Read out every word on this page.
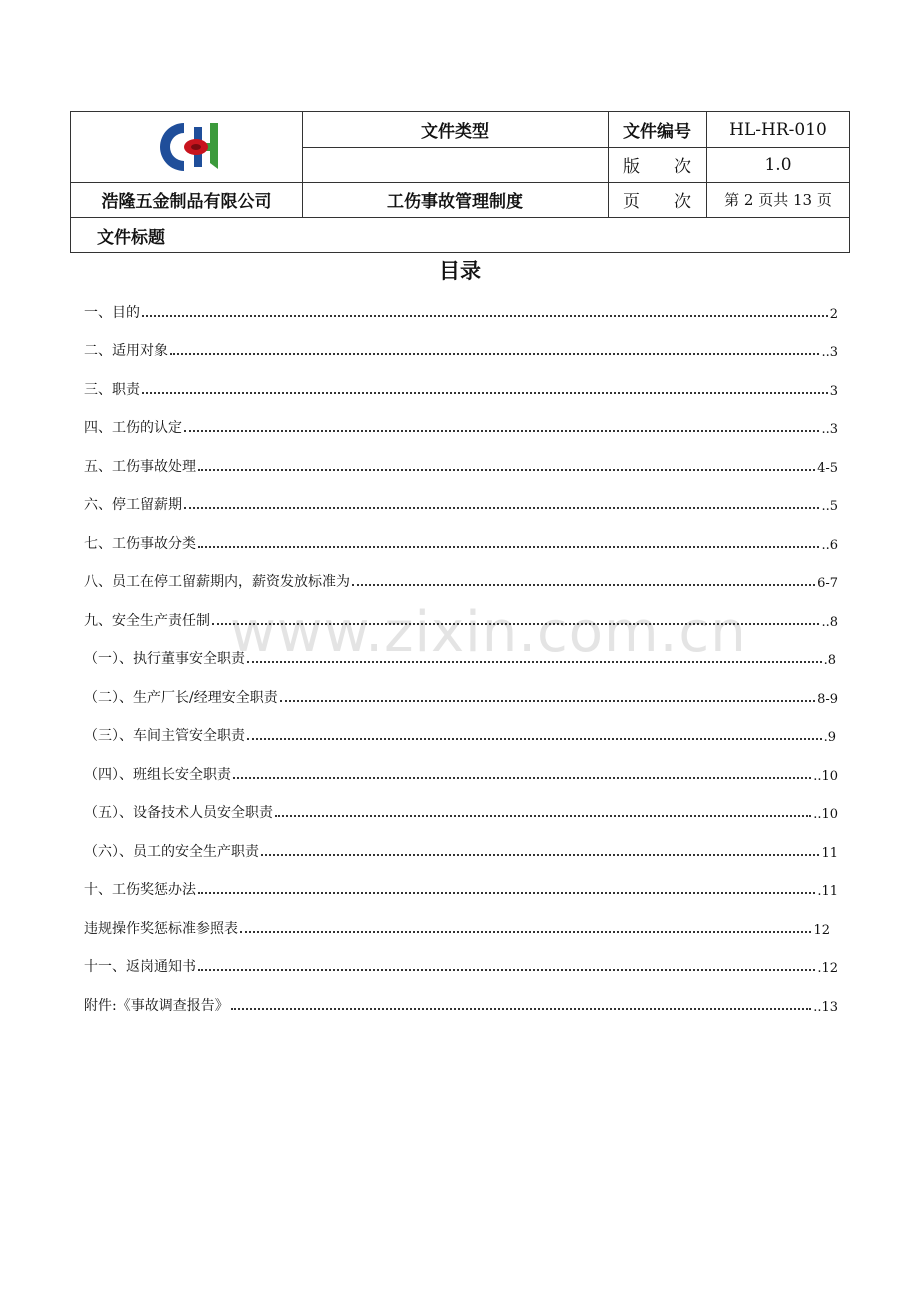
文件类型	文件编号	HL-HR-010
版　　次	1.0
浩隆五金制品有限公司	工伤事故管理制度	页　　次	第 2 页共 13 页
文件标题
目录
www.zixin.com.cn
一、目的	2
二、适用对象	..3
三、职责	3
四、工伤的认定	..3
五、工伤事故处理	4-5
六、停工留薪期	..5
七、工伤事故分类	..6
八、员工在停工留薪期内，薪资发放标准为	6-7
九、安全生产责任制	..8
（一）、执行董事安全职责	.8
（二）、生产厂长/经理安全职责	8-9
（三）、车间主管安全职责	.9
（四）、班组长安全职责	..10
（五）、设备技术人员安全职责	..10
（六）、员工的安全生产职责	11
十、工伤奖惩办法	.11
违规操作奖惩标准参照表	12
十一、返岗通知书	.12
附件:《事故调查报告》	..13
